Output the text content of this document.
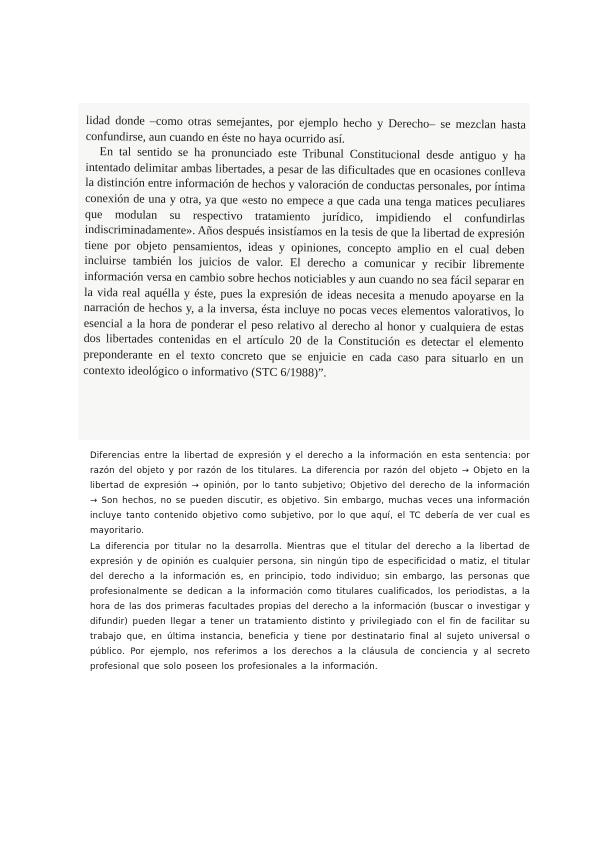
lidad donde –como otras semejantes, por ejemplo hecho y Derecho– se mezclan hasta confundirse, aun cuando en éste no haya ocurrido así.

En tal sentido se ha pronunciado este Tribunal Constitucional desde antiguo y ha intentado delimitar ambas libertades, a pesar de las dificultades que en ocasiones conlleva la distinción entre información de hechos y valoración de conductas personales, por íntima conexión de una y otra, ya que «esto no empece a que cada una tenga matices peculiares que modulan su respectivo tratamiento jurídico, impidiendo el confundirlas indiscriminadamente». Años después insistíamos en la tesis de que la libertad de expresión tiene por objeto pensamientos, ideas y opiniones, concepto amplio en el cual deben incluirse también los juicios de valor. El derecho a comunicar y recibir libremente información versa en cambio sobre hechos noticiables y aun cuando no sea fácil separar en la vida real aquélla y éste, pues la expresión de ideas necesita a menudo apoyarse en la narración de hechos y, a la inversa, ésta incluye no pocas veces elementos valorativos, lo esencial a la hora de ponderar el peso relativo al derecho al honor y cualquiera de estas dos libertades contenidas en el artículo 20 de la Constitución es detectar el elemento preponderante en el texto concreto que se enjuicie en cada caso para situarlo en un contexto ideológico o informativo (STC 6/1988)”.

Diferencias entre la libertad de expresión y el derecho a la información en esta sentencia: por razón del objeto y por razón de los titulares. La diferencia por razón del objeto → Objeto en la libertad de expresión → opinión, por lo tanto subjetivo; Objetivo del derecho de la información → Son hechos, no se pueden discutir, es objetivo. Sin embargo, muchas veces una información incluye tanto contenido objetivo como subjetivo, por lo que aquí, el TC debería de ver cual es mayoritario.

La diferencia por titular no la desarrolla. Mientras que el titular del derecho a la libertad de expresión y de opinión es cualquier persona, sin ningún tipo de especificidad o matiz, el titular del derecho a la información es, en principio, todo individuo; sin embargo, las personas que profesionalmente se dedican a la información como titulares cualificados, los periodistas, a la hora de las dos primeras facultades propias del derecho a la información (buscar o investigar y difundir) pueden llegar a tener un tratamiento distinto y privilegiado con el fin de facilitar su trabajo que, en última instancia, beneficia y tiene por destinatario final al sujeto universal o público. Por ejemplo, nos referimos a los derechos a la cláusula de conciencia y al secreto profesional que solo poseen los profesionales a la información.
